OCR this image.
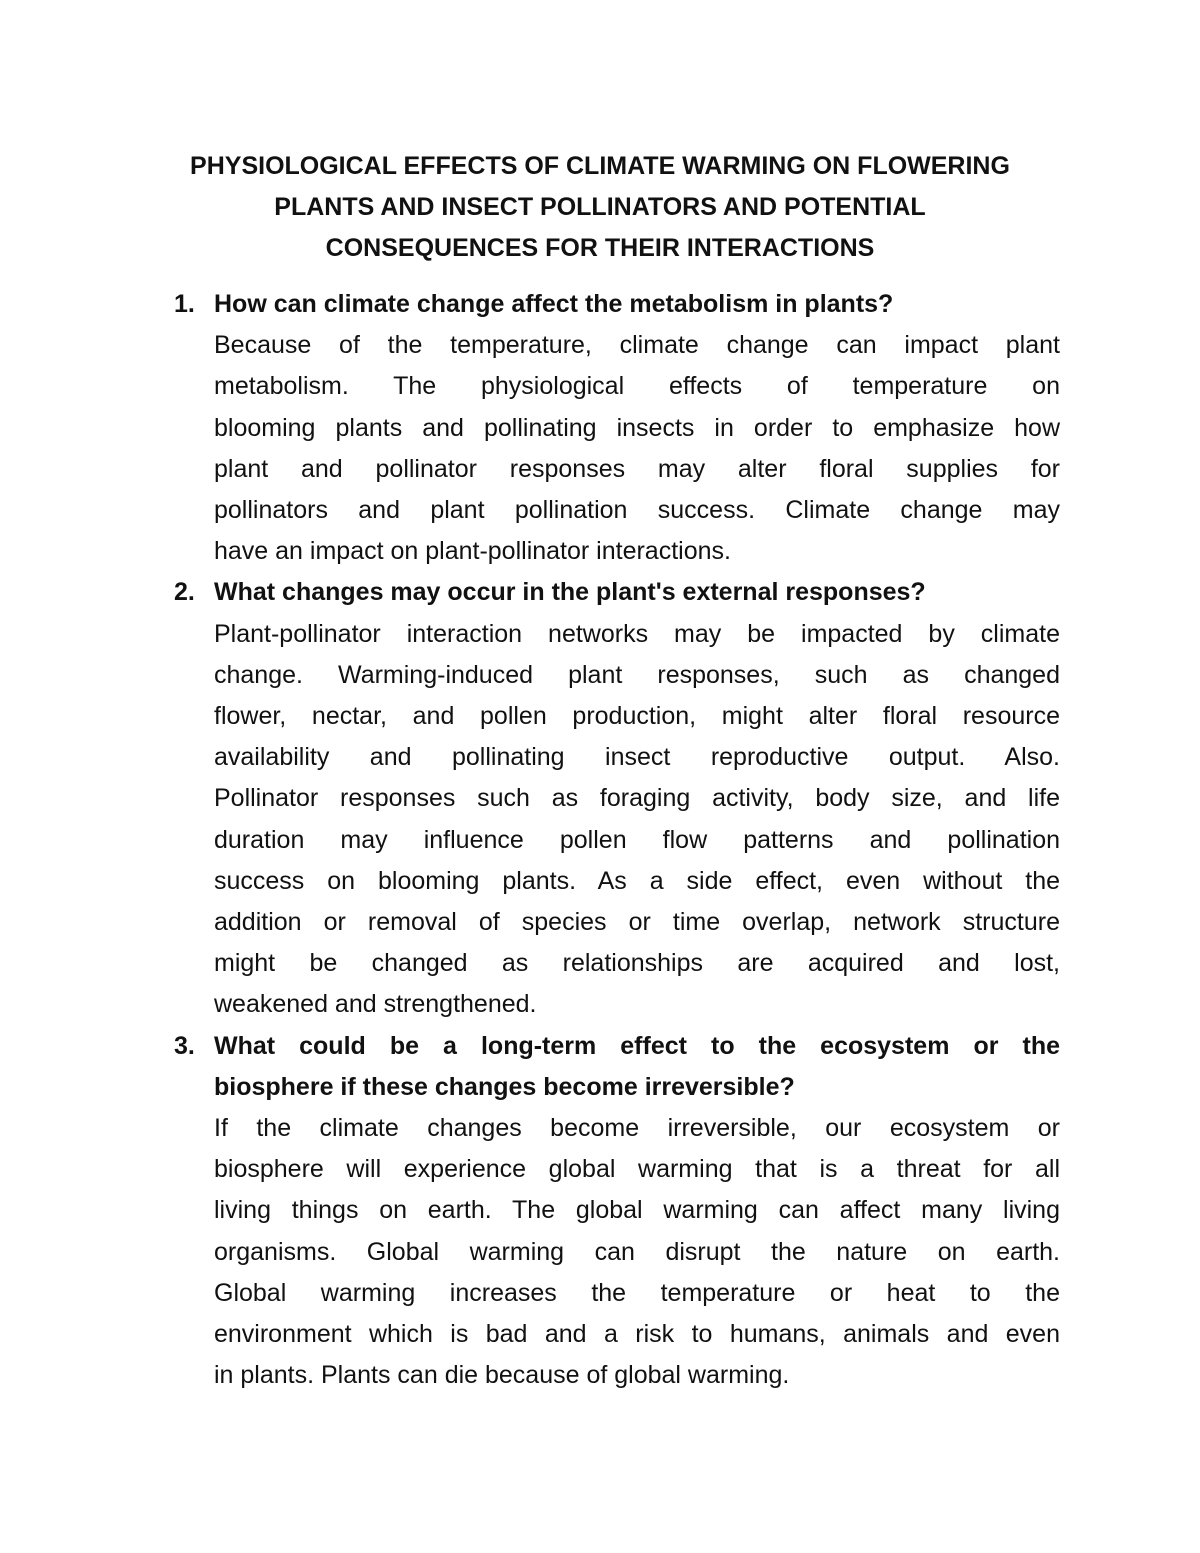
PHYSIOLOGICAL EFFECTS OF CLIMATE WARMING ON FLOWERING
PLANTS AND INSECT POLLINATORS AND POTENTIAL
CONSEQUENCES FOR THEIR INTERACTIONS
1. How can climate change affect the metabolism in plants?
Because of the temperature, climate change can impact plant
metabolism. The physiological effects of temperature on
blooming plants and pollinating insects in order to emphasize how
plant and pollinator responses may alter floral supplies for
pollinators and plant pollination success. Climate change may
have an impact on plant-pollinator interactions.
2. What changes may occur in the plant's external responses?
Plant-pollinator interaction networks may be impacted by climate
change. Warming-induced plant responses, such as changed
flower, nectar, and pollen production, might alter floral resource
availability and pollinating insect reproductive output. Also.
Pollinator responses such as foraging activity, body size, and life
duration may influence pollen flow patterns and pollination
success on blooming plants. As a side effect, even without the
addition or removal of species or time overlap, network structure
might be changed as relationships are acquired and lost,
weakened and strengthened.
3. What could be a long-term effect to the ecosystem or the
biosphere if these changes become irreversible?
If the climate changes become irreversible, our ecosystem or
biosphere will experience global warming that is a threat for all
living things on earth. The global warming can affect many living
organisms. Global warming can disrupt the nature on earth.
Global warming increases the temperature or heat to the
environment which is bad and a risk to humans, animals and even
in plants. Plants can die because of global warming.
